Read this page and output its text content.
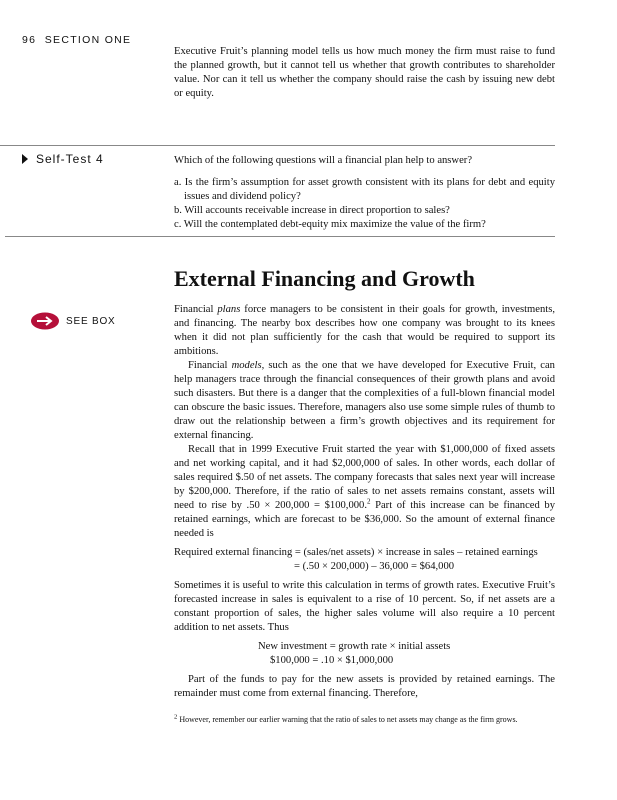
96 SECTION ONE

Executive Fruit’s planning model tells us how much money the firm must raise to fund the planned growth, but it cannot tell us whether that growth contributes to shareholder value. Nor can it tell us whether the company should raise the cash by issuing new debt or equity.

Self-Test 4	Which of the following questions will a financial plan help to answer?

a. Is the firm’s assumption for asset growth consistent with its plans for debt and equity issues and dividend policy?
b. Will accounts receivable increase in direct proportion to sales?
c. Will the contemplated debt-equity mix maximize the value of the firm?
External Financing and Growth
SEE BOX

Financial plans force managers to be consistent in their goals for growth, investments, and financing. The nearby box describes how one company was brought to its knees when it did not plan sufficiently for the cash that would be required to support its ambitions.

Financial models, such as the one that we have developed for Executive Fruit, can help managers trace through the financial consequences of their growth plans and avoid such disasters. But there is a danger that the complexities of a full-blown financial model can obscure the basic issues. Therefore, managers also use some simple rules of thumb to draw out the relationship between a firm’s growth objectives and its requirement for external financing.

Recall that in 1999 Executive Fruit started the year with $1,000,000 of fixed assets and net working capital, and it had $2,000,000 of sales. In other words, each dollar of sales required $.50 of net assets. The company forecasts that sales next year will increase by $200,000. Therefore, if the ratio of sales to net assets remains constant, assets will need to rise by .50 × 200,000 = $100,000.$^2$ Part of this increase can be financed by retained earnings, which are forecast to be $36,000. So the amount of external finance needed is

Required external financing = (sales/net assets) × increase in sales – retained earnings
= (.50 × 200,000) – 36,000 = $64,000

Sometimes it is useful to write this calculation in terms of growth rates. Executive Fruit’s forecasted increase in sales is equivalent to a rise of 10 percent. So, if net assets are a constant proportion of sales, the higher sales volume will also require a 10 percent addition to net assets. Thus

New investment = growth rate × initial assets
$100,000 = .10 × $1,000,000

Part of the funds to pay for the new assets is provided by retained earnings. The remainder must come from external financing. Therefore,

$^2$ However, remember our earlier warning that the ratio of sales to net assets may change as the firm grows.
